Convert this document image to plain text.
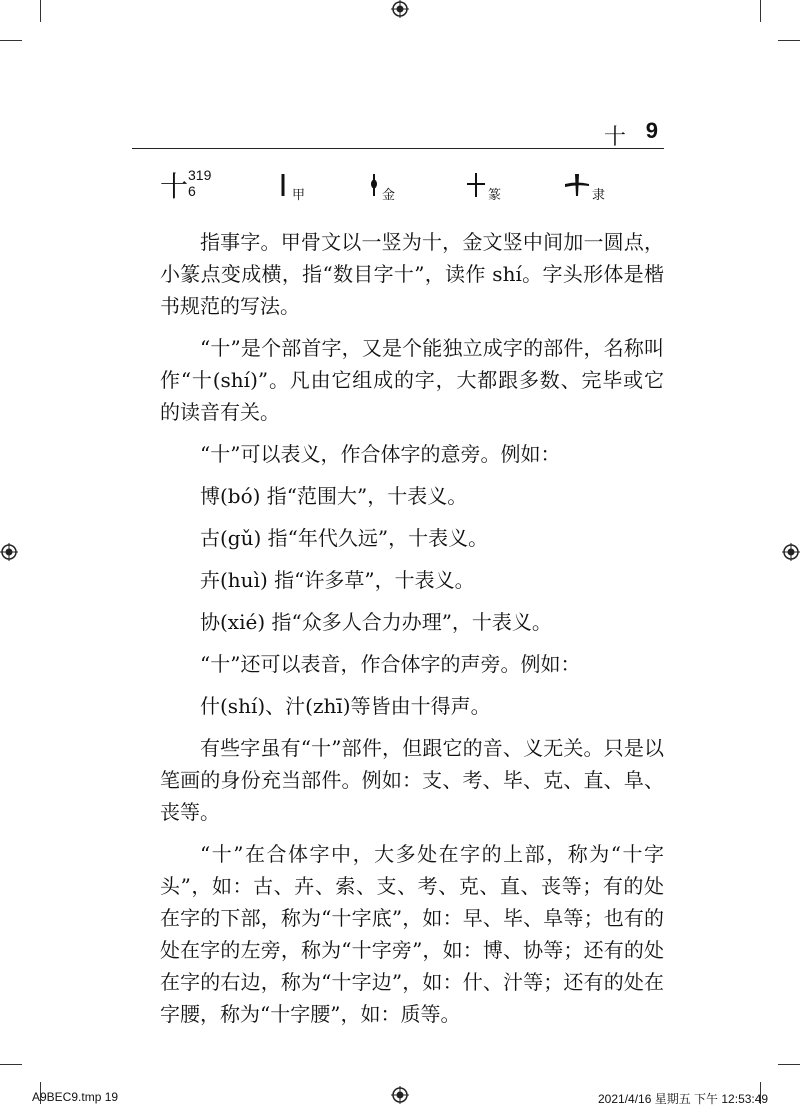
十 9
十 319
6	甲	金	篆	隶

指事字。甲骨文以一竖为十，金文竖中间加一圆点，小篆点变成横，指“数目字十”，读作 shí。字头形体是楷书规范的写法。

“十”是个部首字，又是个能独立成字的部件，名称叫作“十(shí)”。凡由它组成的字，大都跟多数、完毕或它的读音有关。

“十”可以表义，作合体字的意旁。例如：

博(bó) 指“范围大”，十表义。

古(gǔ) 指“年代久远”，十表义。

卉(huì) 指“许多草”，十表义。

协(xié) 指“众多人合力办理”，十表义。

“十”还可以表音，作合体字的声旁。例如：

什(shí)、汁(zhī)等皆由十得声。

有些字虽有“十”部件，但跟它的音、义无关。只是以笔画的身份充当部件。例如：支、考、毕、克、直、阜、丧等。

“十”在合体字中，大多处在字的上部，称为“十字头”，如：古、卉、索、支、考、克、直、丧等；有的处在字的下部，称为“十字底”，如：早、毕、阜等；也有的处在字的左旁，称为“十字旁”，如：博、协等；还有的处在字的右边，称为“十字边”，如：什、汁等；还有的处在字腰，称为“十字腰”，如：质等。

A9BEC9.tmp 19	2021/4/16 星期五 下午 12:53:49
